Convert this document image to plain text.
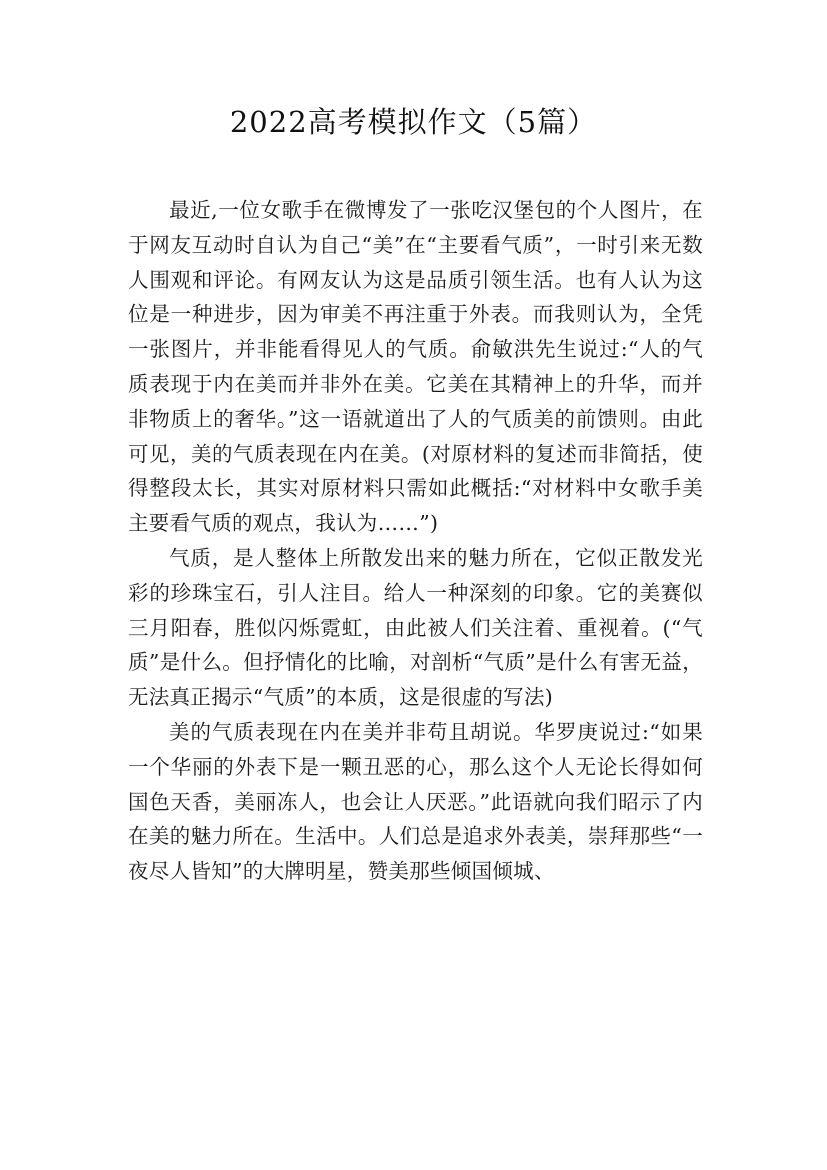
2022高考模拟作文（5篇）

最近,一位女歌手在微博发了一张吃汉堡包的个人图片，在于网友互动时自认为自己“美”在“主要看气质”，一时引来无数人围观和评论。有网友认为这是品质引领生活。也有人认为这位是一种进步，因为审美不再注重于外表。而我则认为，全凭一张图片，并非能看得见人的气质。俞敏洪先生说过:“人的气质表现于内在美而并非外在美。它美在其精神上的升华，而并非物质上的奢华。”这一语就道出了人的气质美的前馈则。由此可见，美的气质表现在内在美。(对原材料的复述而非简括，使得整段太长，其实对原材料只需如此概括:“对材料中女歌手美主要看气质的观点，我认为……”)

气质，是人整体上所散发出来的魅力所在，它似正散发光彩的珍珠宝石，引人注目。给人一种深刻的印象。它的美赛似三月阳春，胜似闪烁霓虹，由此被人们关注着、重视着。(“气质”是什么。但抒情化的比喻，对剖析“气质”是什么有害无益，无法真正揭示“气质”的本质，这是很虚的写法)

美的气质表现在内在美并非苟且胡说。华罗庚说过:“如果一个华丽的外表下是一颗丑恶的心，那么这个人无论长得如何国色天香，美丽冻人，也会让人厌恶。”此语就向我们昭示了内在美的魅力所在。生活中。人们总是追求外表美，崇拜那些“一夜尽人皆知”的大牌明星，赞美那些倾国倾城、
